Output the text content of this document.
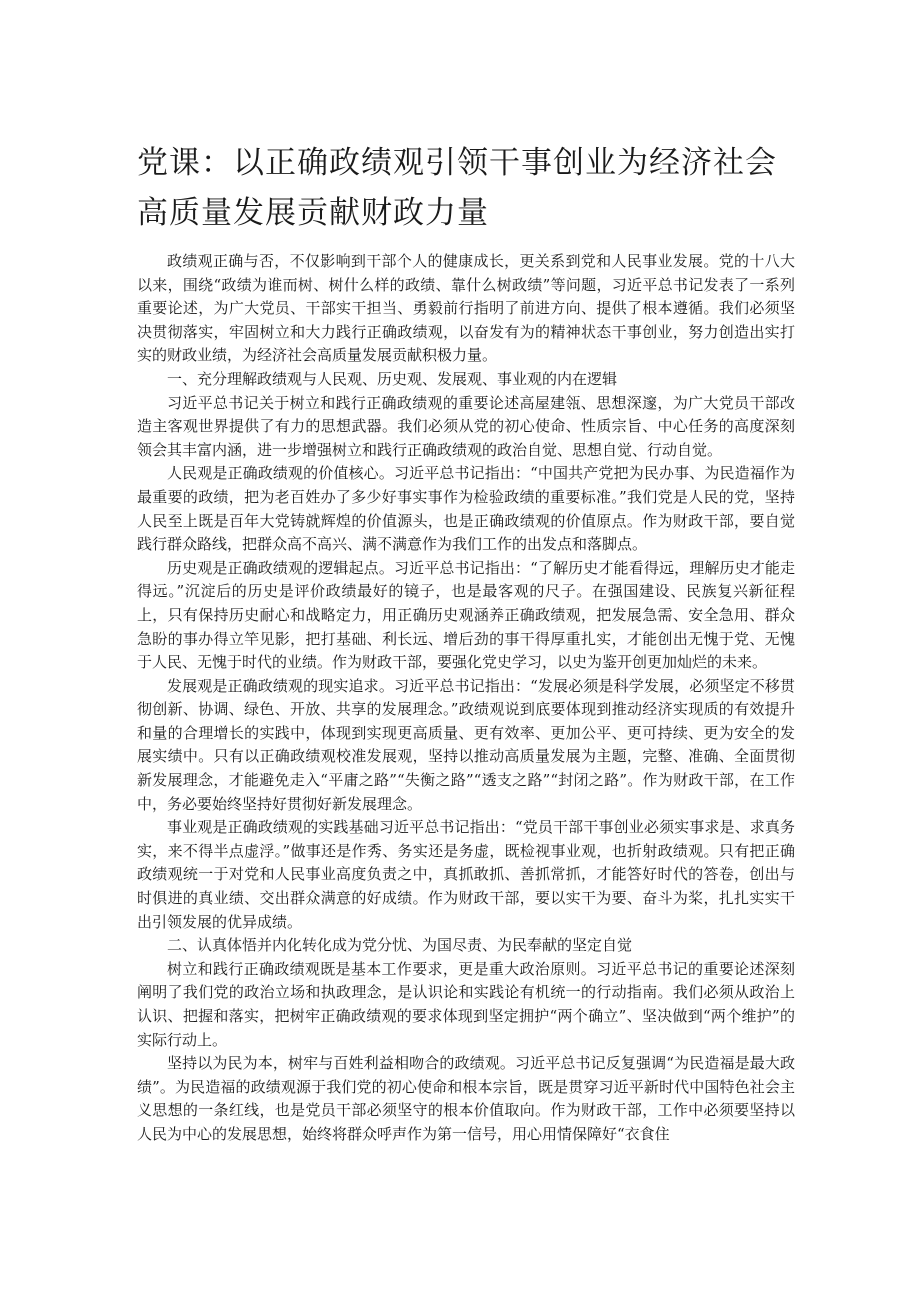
党课：以正确政绩观引领干事创业为经济社会高质量发展贡献财政力量

政绩观正确与否，不仅影响到干部个人的健康成长，更关系到党和人民事业发展。党的十八大以来，围绕“政绩为谁而树、树什么样的政绩、靠什么树政绩”等问题，习近平总书记发表了一系列重要论述，为广大党员、干部实干担当、勇毅前行指明了前进方向、提供了根本遵循。我们必须坚决贯彻落实，牢固树立和大力践行正确政绩观，以奋发有为的精神状态干事创业，努力创造出实打实的财政业绩，为经济社会高质量发展贡献积极力量。

一、充分理解政绩观与人民观、历史观、发展观、事业观的内在逻辑

习近平总书记关于树立和践行正确政绩观的重要论述高屋建瓴、思想深邃，为广大党员干部改造主客观世界提供了有力的思想武器。我们必须从党的初心使命、性质宗旨、中心任务的高度深刻领会其丰富内涵，进一步增强树立和践行正确政绩观的政治自觉、思想自觉、行动自觉。

人民观是正确政绩观的价值核心。习近平总书记指出：“中国共产党把为民办事、为民造福作为最重要的政绩，把为老百姓办了多少好事实事作为检验政绩的重要标准。”我们党是人民的党，坚持人民至上既是百年大党铸就辉煌的价值源头，也是正确政绩观的价值原点。作为财政干部，要自觉践行群众路线，把群众高不高兴、满不满意作为我们工作的出发点和落脚点。

历史观是正确政绩观的逻辑起点。习近平总书记指出：“了解历史才能看得远，理解历史才能走得远。”沉淀后的历史是评价政绩最好的镜子，也是最客观的尺子。在强国建设、民族复兴新征程上，只有保持历史耐心和战略定力，用正确历史观涵养正确政绩观，把发展急需、安全急用、群众急盼的事办得立竿见影，把打基础、利长远、增后劲的事干得厚重扎实，才能创出无愧于党、无愧于人民、无愧于时代的业绩。作为财政干部，要强化党史学习，以史为鉴开创更加灿烂的未来。

发展观是正确政绩观的现实追求。习近平总书记指出：“发展必须是科学发展，必须坚定不移贯彻创新、协调、绿色、开放、共享的发展理念。”政绩观说到底要体现到推动经济实现质的有效提升和量的合理增长的实践中，体现到实现更高质量、更有效率、更加公平、更可持续、更为安全的发展实绩中。只有以正确政绩观校准发展观，坚持以推动高质量发展为主题，完整、准确、全面贯彻新发展理念，才能避免走入“平庸之路”“失衡之路”“透支之路”“封闭之路”。作为财政干部，在工作中，务必要始终坚持好贯彻好新发展理念。

事业观是正确政绩观的实践基础习近平总书记指出：“党员干部干事创业必须实事求是、求真务实，来不得半点虚浮。”做事还是作秀、务实还是务虚，既检视事业观，也折射政绩观。只有把正确政绩观统一于对党和人民事业高度负责之中，真抓敢抓、善抓常抓，才能答好时代的答卷，创出与时俱进的真业绩、交出群众满意的好成绩。作为财政干部，要以实干为要、奋斗为桨，扎扎实实干出引领发展的优异成绩。

二、认真体悟并内化转化成为党分忧、为国尽责、为民奉献的坚定自觉

树立和践行正确政绩观既是基本工作要求，更是重大政治原则。习近平总书记的重要论述深刻阐明了我们党的政治立场和执政理念，是认识论和实践论有机统一的行动指南。我们必须从政治上认识、把握和落实，把树牢正确政绩观的要求体现到坚定拥护“两个确立”、坚决做到“两个维护”的实际行动上。

坚持以为民为本，树牢与百姓利益相吻合的政绩观。习近平总书记反复强调“为民造福是最大政绩”。为民造福的政绩观源于我们党的初心使命和根本宗旨，既是贯穿习近平新时代中国特色社会主义思想的一条红线，也是党员干部必须坚守的根本价值取向。作为财政干部，工作中必须要坚持以人民为中心的发展思想，始终将群众呼声作为第一信号，用心用情保障好“衣食住
